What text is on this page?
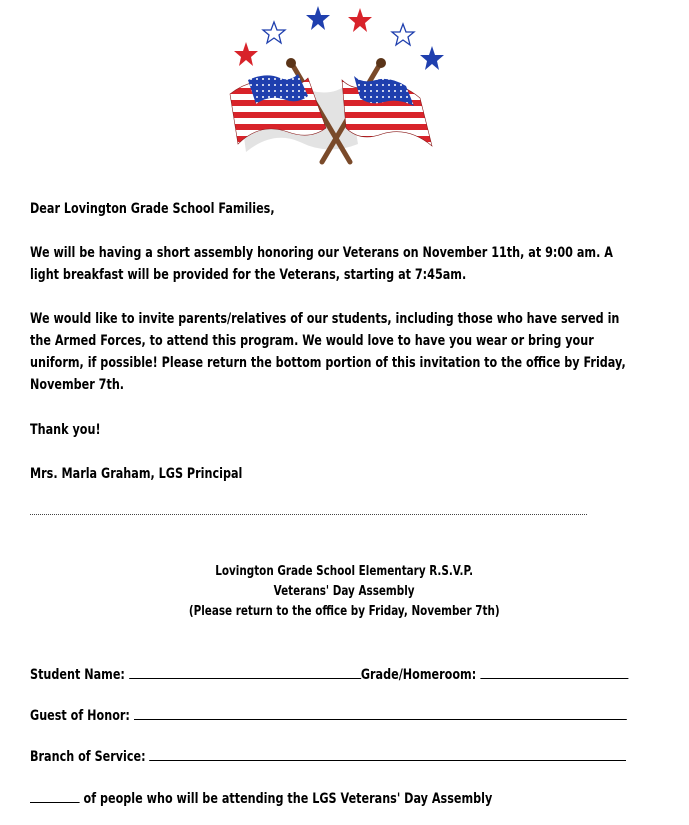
Dear Lovington Grade School Families,
We will be having a short assembly honoring our Veterans on November 11th, at 9:00 am. A light breakfast will be provided for the Veterans, starting at 7:45am.
We would like to invite parents/relatives of our students, including those who have served in the Armed Forces, to attend this program. We would love to have you wear or bring your uniform, if possible! Please return the bottom portion of this invitation to the office by Friday, November 7th.
Thank you!
Mrs. Marla Graham, LGS Principal
Lovington Grade School Elementary R.S.V.P.
Veterans' Day Assembly
(Please return to the office by Friday, November 7th)
Student Name:	Grade/Homeroom:
Guest of Honor:
Branch of Service:
of people who will be attending the LGS Veterans' Day Assembly
